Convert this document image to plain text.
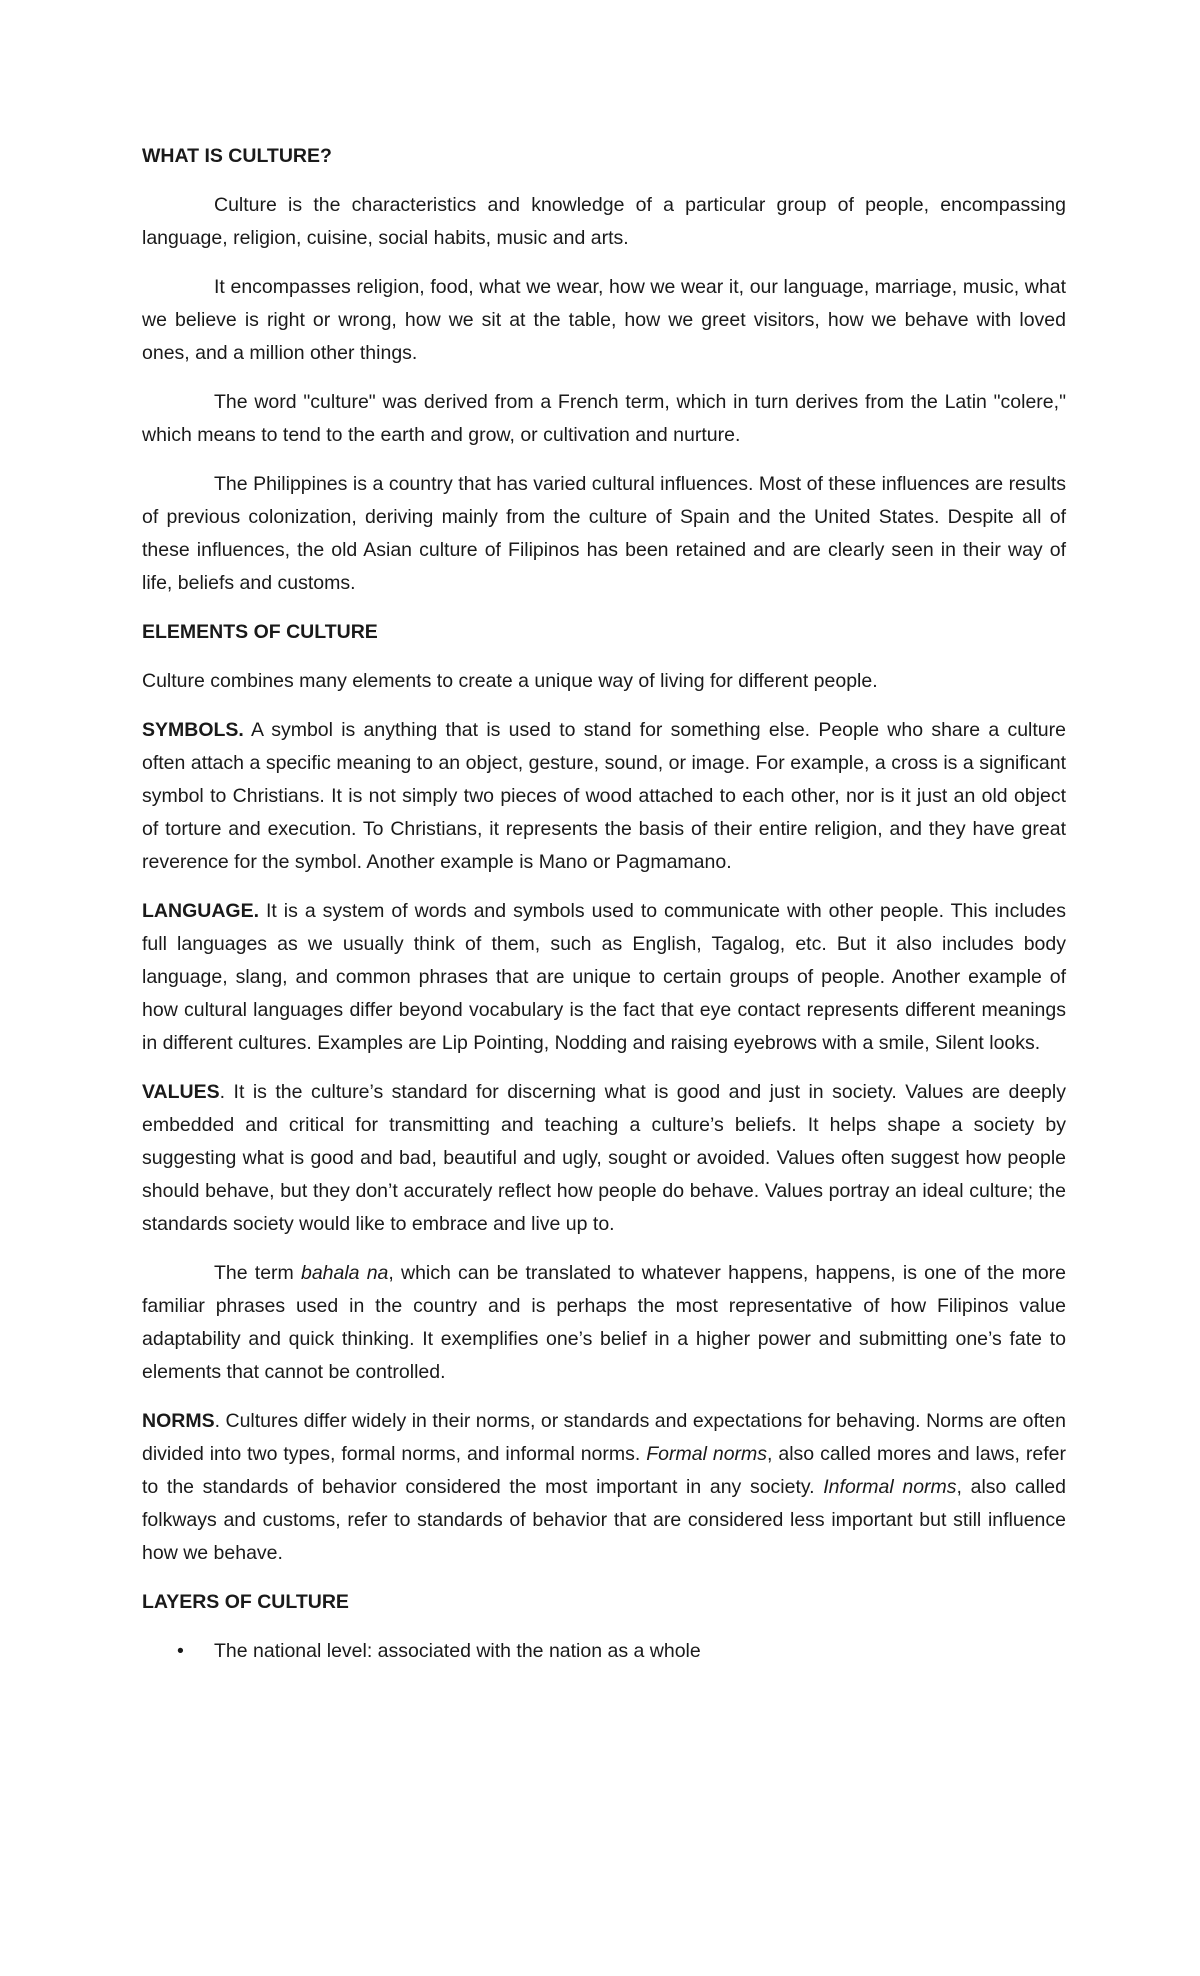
WHAT IS CULTURE?

Culture is the characteristics and knowledge of a particular group of people, encompassing language, religion, cuisine, social habits, music and arts.

It encompasses religion, food, what we wear, how we wear it, our language, marriage, music, what we believe is right or wrong, how we sit at the table, how we greet visitors, how we behave with loved ones, and a million other things.

The word "culture" was derived from a French term, which in turn derives from the Latin "colere," which means to tend to the earth and grow, or cultivation and nurture.

The Philippines is a country that has varied cultural influences. Most of these influences are results of previous colonization, deriving mainly from the culture of Spain and the United States. Despite all of these influences, the old Asian culture of Filipinos has been retained and are clearly seen in their way of life, beliefs and customs.

ELEMENTS OF CULTURE

Culture combines many elements to create a unique way of living for different people.

SYMBOLS. A symbol is anything that is used to stand for something else. People who share a culture often attach a specific meaning to an object, gesture, sound, or image. For example, a cross is a significant symbol to Christians. It is not simply two pieces of wood attached to each other, nor is it just an old object of torture and execution. To Christians, it represents the basis of their entire religion, and they have great reverence for the symbol. Another example is Mano or Pagmamano.

LANGUAGE. It is a system of words and symbols used to communicate with other people. This includes full languages as we usually think of them, such as English, Tagalog, etc. But it also includes body language, slang, and common phrases that are unique to certain groups of people. Another example of how cultural languages differ beyond vocabulary is the fact that eye contact represents different meanings in different cultures. Examples are Lip Pointing, Nodding and raising eyebrows with a smile, Silent looks.

VALUES. It is the culture’s standard for discerning what is good and just in society. Values are deeply embedded and critical for transmitting and teaching a culture’s beliefs. It helps shape a society by suggesting what is good and bad, beautiful and ugly, sought or avoided. Values often suggest how people should behave, but they don’t accurately reflect how people do behave. Values portray an ideal culture; the standards society would like to embrace and live up to.

The term bahala na, which can be translated to whatever happens, happens, is one of the more familiar phrases used in the country and is perhaps the most representative of how Filipinos value adaptability and quick thinking. It exemplifies one’s belief in a higher power and submitting one’s fate to elements that cannot be controlled.

NORMS. Cultures differ widely in their norms, or standards and expectations for behaving. Norms are often divided into two types, formal norms, and informal norms. Formal norms, also called mores and laws, refer to the standards of behavior considered the most important in any society. Informal norms, also called folkways and customs, refer to standards of behavior that are considered less important but still influence how we behave.

LAYERS OF CULTURE
• The national level: associated with the nation as a whole
